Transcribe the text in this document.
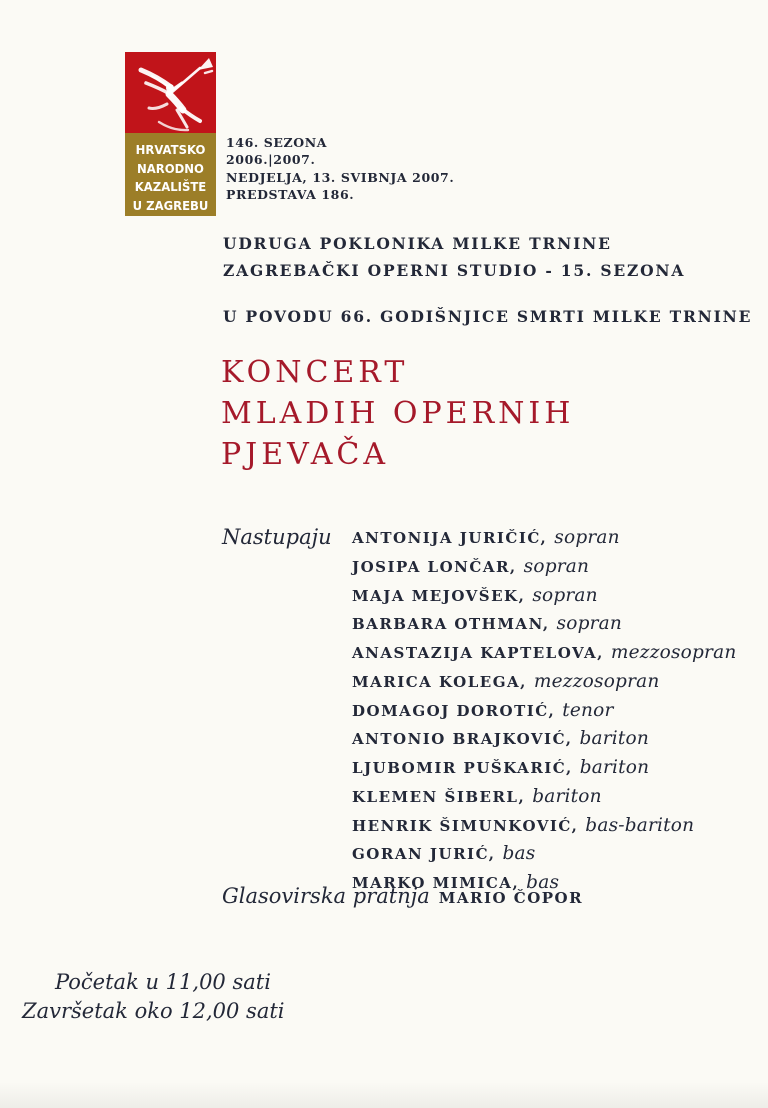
HRVATSKO
NARODNO
KAZALIŠTE
U ZAGREBU
146. SEZONA
2006.|2007.
NEDJELJA, 13. SVIBNJA 2007.
PREDSTAVA 186.
UDRUGA POKLONIKA MILKE TRNINE
ZAGREBAČKI OPERNI STUDIO - 15. SEZONA
U POVODU 66. GODIŠNJICE SMRTI MILKE TRNINE
KONCERT
MLADIH OPERNIH
PJEVAČA
Nastupaju ANTONIJA JURIČIĆ, sopran
JOSIPA LONČAR, sopran
MAJA MEJOVŠEK, sopran
BARBARA OTHMAN, sopran
ANASTAZIJA KAPTELOVA, mezzosopran
MARICA KOLEGA, mezzosopran
DOMAGOJ DOROTIĆ, tenor
ANTONIO BRAJKOVIĆ, bariton
LJUBOMIR PUŠKARIĆ, bariton
KLEMEN ŠIBERL, bariton
HENRIK ŠIMUNKOVIĆ, bas-bariton
GORAN JURIĆ, bas
MARKO MIMICA, bas
Glasovirska pratnja MARIO ČOPOR
Početak u 11,00 sati
Završetak oko 12,00 sati
